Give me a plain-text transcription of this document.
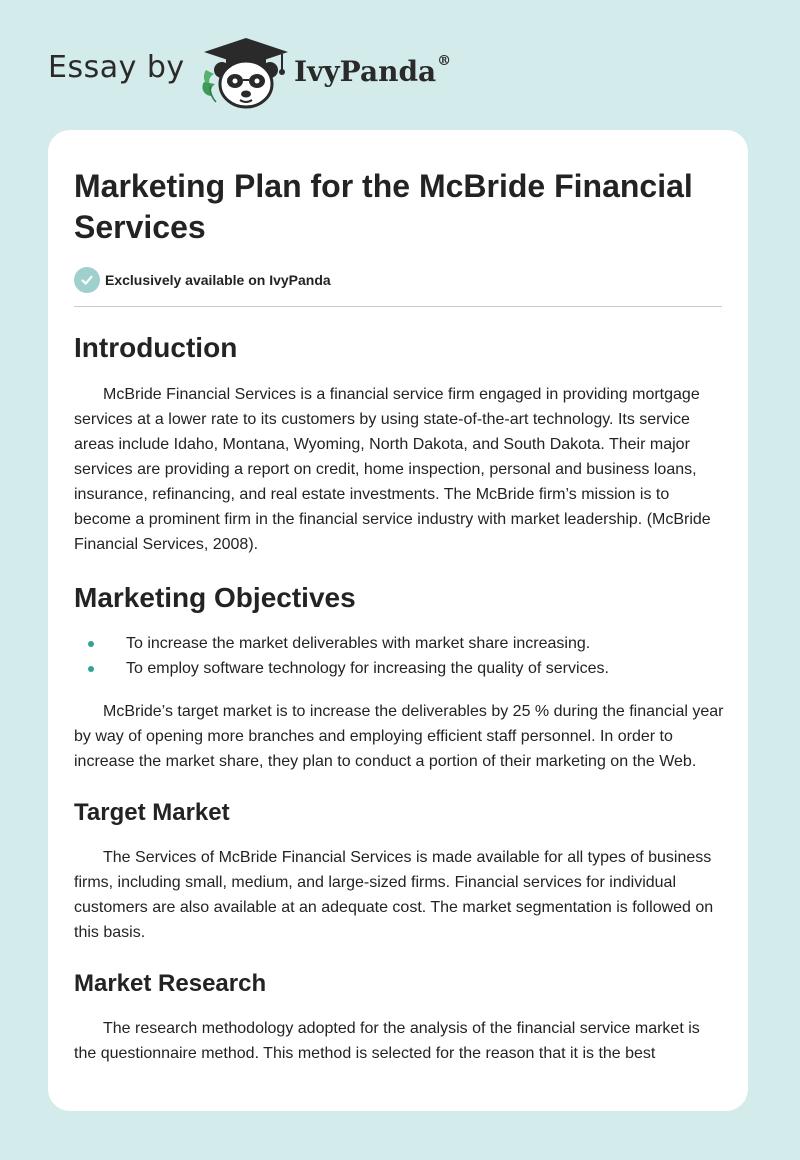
Essay by	IvyPanda®
Marketing Plan for the McBride Financial Services
Exclusively available on IvyPanda
Introduction

McBride Financial Services is a financial service firm engaged in providing mortgage services at a lower rate to its customers by using state-of-the-art technology. Its service areas include Idaho, Montana, Wyoming, North Dakota, and South Dakota. Their major services are providing a report on credit, home inspection, personal and business loans, insurance, refinancing, and real estate investments. The McBride firm’s mission is to become a prominent firm in the financial service industry with market leadership. (McBride Financial Services, 2008).

Marketing Objectives
To increase the market deliverables with market share increasing.
To employ software technology for increasing the quality of services.

McBride’s target market is to increase the deliverables by 25 % during the financial year by way of opening more branches and employing efficient staff personnel. In order to increase the market share, they plan to conduct a portion of their marketing on the Web.

Target Market

The Services of McBride Financial Services is made available for all types of business firms, including small, medium, and large-sized firms. Financial services for individual customers are also available at an adequate cost. The market segmentation is followed on this basis.

Market Research

The research methodology adopted for the analysis of the financial service market is the questionnaire method. This method is selected for the reason that it is the best
